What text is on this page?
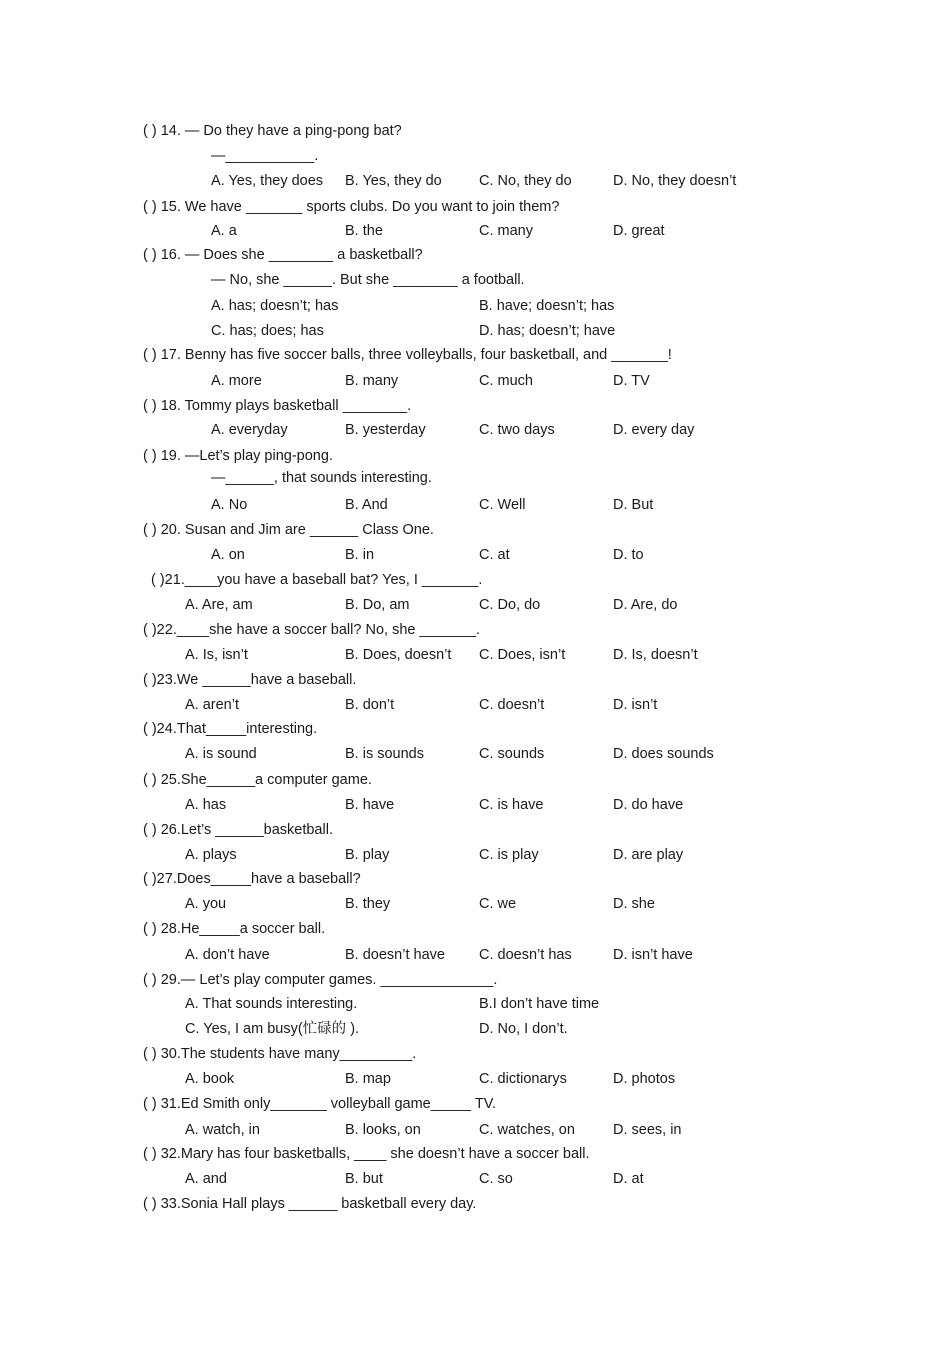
( ) 14. — Do they have a ping-pong bat?
—___________.
A. Yes, they does B. Yes, they do	C. No, they do	D. No, they doesn’t
( ) 15. We have _______ sports clubs. Do you want to join them?
A. a	B. the	C. many	D. great
( ) 16. — Does she ________ a basketball?
— No, she ______. But she ________ a football.
A. has; doesn’t; has	B. have; doesn’t; has
C. has; does; has	D. has; doesn’t; have
( ) 17. Benny has five soccer balls, three volleyballs, four basketball, and _______!
A. more	B. many	C. much	D. TV
( ) 18. Tommy plays basketball ________.
A. everyday	B. yesterday	C. two days	D. every day
( ) 19. —Let’s play ping-pong.
—______, that sounds interesting.
A. No	B. And	C. Well	D. But
( ) 20. Susan and Jim are ______ Class One.
A. on	B. in	C. at	D. to
( )21.____you have a baseball bat? Yes, I _______.
A. Are, am	B. Do, am	C. Do, do	D. Are, do
( )22.____she have a soccer ball? No, she _______.
A. Is, isn’t	B. Does, doesn’t C. Does, isn’t	D. Is, doesn’t
( )23.We ______have a baseball.
A. aren’t	B. don’t	C. doesn’t	D. isn’t
( )24.That_____interesting.
A. is sound	B. is sounds	C. sounds	D. does sounds
( ) 25.She______a computer game.
A. has	B. have	C. is have	D. do have
( ) 26.Let’s ______basketball.
A. plays	B. play	C. is play	D. are play
( )27.Does_____have a baseball?
A. you	B. they	C. we	D. she
( ) 28.He_____a soccer ball.
A. don’t have	B. doesn’t have C. doesn’t has	D. isn’t have
( ) 29.— Let’s play computer games. ______________.
A. That sounds interesting.	B.I don’t have time
C. Yes, I am busy(忙碌的 ).	D. No, I don’t.
( ) 30.The students have many_________.
A. book	B. map	C. dictionarys	D. photos
( ) 31.Ed Smith only_______ volleyball game_____ TV.
A. watch, in	B. looks, on	C. watches, on	D. sees, in
( ) 32.Mary has four basketballs, ____ she doesn’t have a soccer ball.
A. and	B. but	C. so	D. at
( ) 33.Sonia Hall plays ______ basketball every day.
